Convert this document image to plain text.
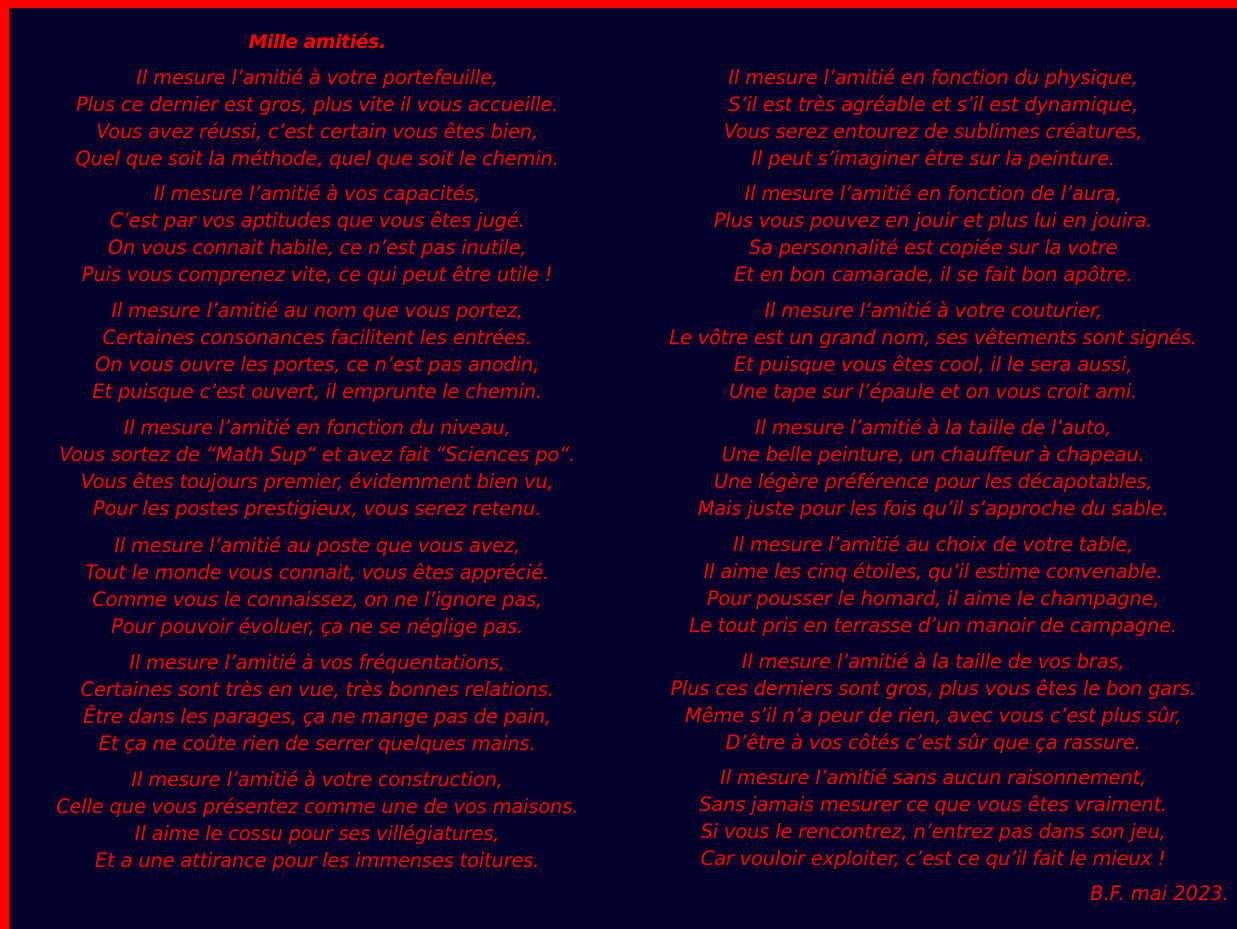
Mille amitiés.
Il mesure l’amitié à votre portefeuille,
Plus ce dernier est gros, plus vite il vous accueille.
Vous avez réussi, c’est certain vous êtes bien,
Quel que soit la méthode, quel que soit le chemin.
Il mesure l’amitié à vos capacités,
C’est par vos aptitudes que vous êtes jugé.
On vous connait habile, ce n’est pas inutile,
Puis vous comprenez vite, ce qui peut être utile !
Il mesure l’amitié au nom que vous portez,
Certaines consonances facilitent les entrées.
On vous ouvre les portes, ce n’est pas anodin,
Et puisque c’est ouvert, il emprunte le chemin.
Il mesure l’amitié en fonction du niveau,
Vous sortez de “Math Sup“ et avez fait “Sciences po“.
Vous êtes toujours premier, évidemment bien vu,
Pour les postes prestigieux, vous serez retenu.
Il mesure l’amitié au poste que vous avez,
Tout le monde vous connait, vous êtes apprécié.
Comme vous le connaissez, on ne l’ignore pas,
Pour pouvoir évoluer, ça ne se néglige pas.
Il mesure l’amitié à vos fréquentations,
Certaines sont très en vue, très bonnes relations.
Être dans les parages, ça ne mange pas de pain,
Et ça ne coûte rien de serrer quelques mains.
Il mesure l’amitié à votre construction,
Celle que vous présentez comme une de vos maisons.
Il aime le cossu pour ses villégiatures,
Et a une attirance pour les immenses toitures.
Il mesure l’amitié en fonction du physique,
S’il est très agréable et s’il est dynamique,
Vous serez entourez de sublimes créatures,
Il peut s’imaginer être sur la peinture.
Il mesure l’amitié en fonction de l’aura,
Plus vous pouvez en jouir et plus lui en jouira.
Sa personnalité est copiée sur la votre
Et en bon camarade, il se fait bon apôtre.
Il mesure l’amitié à votre couturier,
Le vôtre est un grand nom, ses vêtements sont signés.
Et puisque vous êtes cool, il le sera aussi,
Une tape sur l’épaule et on vous croit ami.
Il mesure l’amitié à la taille de l’auto,
Une belle peinture, un chauffeur à chapeau.
Une légère préférence pour les décapotables,
Mais juste pour les fois qu’il s’approche du sable.
Il mesure l’amitié au choix de votre table,
Il aime les cinq étoiles, qu’il estime convenable.
Pour pousser le homard, il aime le champagne,
Le tout pris en terrasse d’un manoir de campagne.
Il mesure l’amitié à la taille de vos bras,
Plus ces derniers sont gros, plus vous êtes le bon gars.
Même s’il n’a peur de rien, avec vous c’est plus sûr,
D’être à vos côtés c’est sûr que ça rassure.
Il mesure l’amitié sans aucun raisonnement,
Sans jamais mesurer ce que vous êtes vraiment.
Si vous le rencontrez, n’entrez pas dans son jeu,
Car vouloir exploiter, c’est ce qu’il fait le mieux !
B.F. mai 2023.
